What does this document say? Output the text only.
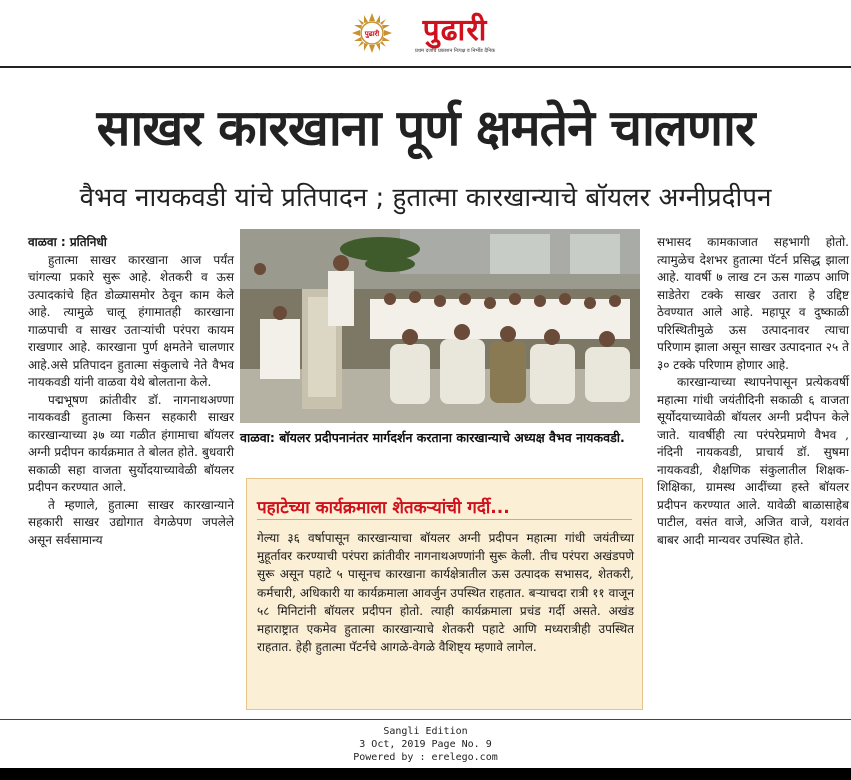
पुढारी	पुढारी
प्रथम दर्जाचे प्रकाशन निःपक्ष व निर्भीड दैनिक
साखर कारखाना पूर्ण क्षमतेने चालणार
वैभव नायकवडी यांचे प्रतिपादन ; हुतात्मा कारखान्याचे बॉयलर अग्नीप्रदीपन

वाळवा : प्रतिनिधी

हुतात्मा साखर कारखाना आज पर्यंत चांगल्या प्रकारे सुरू आहे. शेतकरी व ऊस उत्पादकांचे हित डोळ्यासमोर ठेवून काम केले आहे. त्यामुळे चालू हंगामातही कारखाना गाळपाची व साखर उताऱ्यांची परंपरा कायम राखणार आहे. कारखाना पुर्ण क्षमतेने चालणार आहे.असे प्रतिपादन हुतात्मा संकुलाचे नेते वैभव नायकवडी यांनी वाळवा येथे बोलताना केले.

पद्मभूषण क्रांतीवीर डॉ. नागनाथअण्णा नायकवडी हुतात्मा किसन सहकारी साखर कारखान्याच्या ३७ व्या गळीत हंगामाचा बॉयलर अग्नी प्रदीपन कार्यक्रमात ते बोलत होते. बुधवारी सकाळी सहा वाजता सुर्योदयाच्यावेळी बॉयलर प्रदीपन करण्यात आले.

ते म्हणाले, हुतात्मा साखर कारखान्याने सहकारी साखर उद्योगात वेगळेपण जपलेले असून सर्वसामान्य

वाळवा: बॉयलर प्रदीपनानंतर मार्गदर्शन करताना कारखान्याचे अध्यक्ष वैभव नायकवडी.

सभासद कामकाजात सहभागी होतो. त्यामुळेच देशभर हुतात्मा पॅटर्न प्रसिद्ध झाला आहे. यावर्षी ७ लाख टन ऊस गाळप आणि साडेतेरा टक्के साखर उतारा हे उद्दिष्ट ठेवण्यात आले आहे. महापूर व दुष्काळी परिस्थितीमुळे ऊस उत्पादनावर त्याचा परिणाम झाला असून साखर उत्पादनात २५ ते ३० टक्के परिणाम होणार आहे.

कारखान्याच्या स्थापनेपासून प्रत्येकवर्षी महात्मा गांधी जयंतीदिनी सकाळी ६ वाजता सूर्योदयाच्यावेळी बॉयलर अग्नी प्रदीपन केले जाते. यावर्षीही त्या परंपरेप्रमाणे वैभव , नंदिनी नायकवडी, प्राचार्य डॉ. सुषमा नायकवडी, शैक्षणिक संकुलातील शिक्षक-शिक्षिका, ग्रामस्थ आदींच्या हस्ते बॉयलर प्रदीपन करण्यात आले. यावेळी बाळासाहेब पाटील, वसंत वाजे, अजित वाजे, यशवंत बाबर आदी मान्यवर उपस्थित होते.

पहाटेच्या कार्यक्रमाला शेतकऱ्यांची गर्दी...
गेल्या ३६ वर्षापासून कारखान्याचा बॉयलर अग्नी प्रदीपन महात्मा गांधी जयंतीच्या मुहूर्तावर करण्याची परंपरा क्रांतीवीर नागनाथअण्णांनी सुरू केली. तीच परंपरा अखंडपणे सुरू असून पहाटे ५ पासूनच कारखाना कार्यक्षेत्रातील ऊस उत्पादक सभासद, शेतकरी, कर्मचारी, अधिकारी या कार्यक्रमाला आवर्जुन उपस्थित राहतात. बऱ्याचदा रात्री ११ वाजून ५८ मिनिटांनी बॉयलर प्रदीपन होतो. त्याही कार्यक्रमाला प्रचंड गर्दी असते. अखंड महाराष्ट्रात एकमेव हुतात्मा कारखान्याचे शेतकरी पहाटे आणि मध्यरात्रीही उपस्थित राहतात. हेही हुतात्मा पॅटर्नचे आगळे-वेगळे वैशिष्ट्य म्हणावे लागेल.
Sangli Edition
3 Oct, 2019 Page No. 9
Powered by : erelego.com
